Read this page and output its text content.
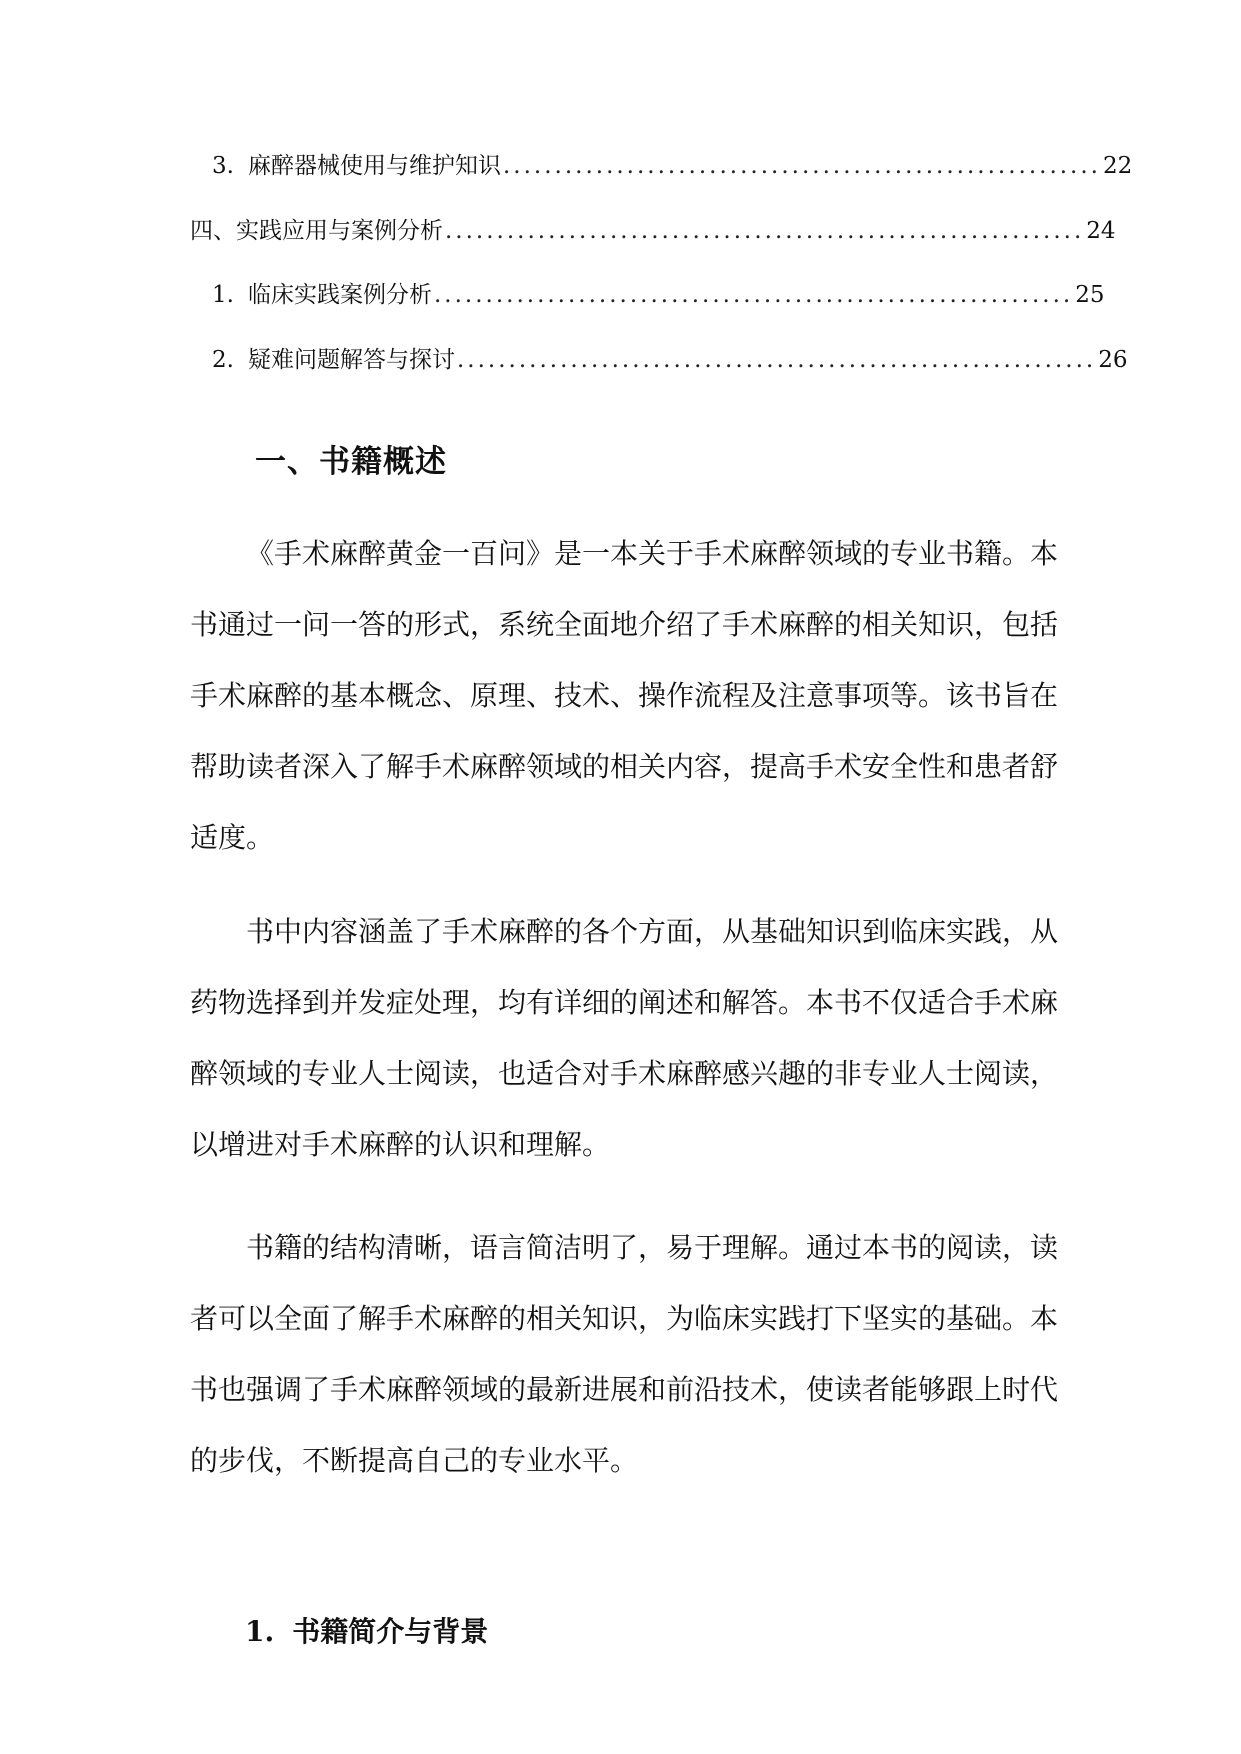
3. 麻醉器械使用与维护知识 .......................................................... 22
四、实践应用与案例分析 .............................................................. 24
1. 临床实践案例分析 .............................................................. 25
2. 疑难问题解答与探讨 .............................................................. 26
一、书籍概述

《手术麻醉黄金一百问》是一本关于手术麻醉领域的专业书籍。本书通过一问一答的形式，系统全面地介绍了手术麻醉的相关知识，包括手术麻醉的基本概念、原理、技术、操作流程及注意事项等。该书旨在帮助读者深入了解手术麻醉领域的相关内容，提高手术安全性和患者舒适度。

书中内容涵盖了手术麻醉的各个方面，从基础知识到临床实践，从药物选择到并发症处理，均有详细的阐述和解答。本书不仅适合手术麻醉领域的专业人士阅读，也适合对手术麻醉感兴趣的非专业人士阅读，以增进对手术麻醉的认识和理解。

书籍的结构清晰，语言简洁明了，易于理解。通过本书的阅读，读者可以全面了解手术麻醉的相关知识，为临床实践打下坚实的基础。本书也强调了手术麻醉领域的最新进展和前沿技术，使读者能够跟上时代的步伐，不断提高自己的专业水平。

1. 书籍简介与背景
